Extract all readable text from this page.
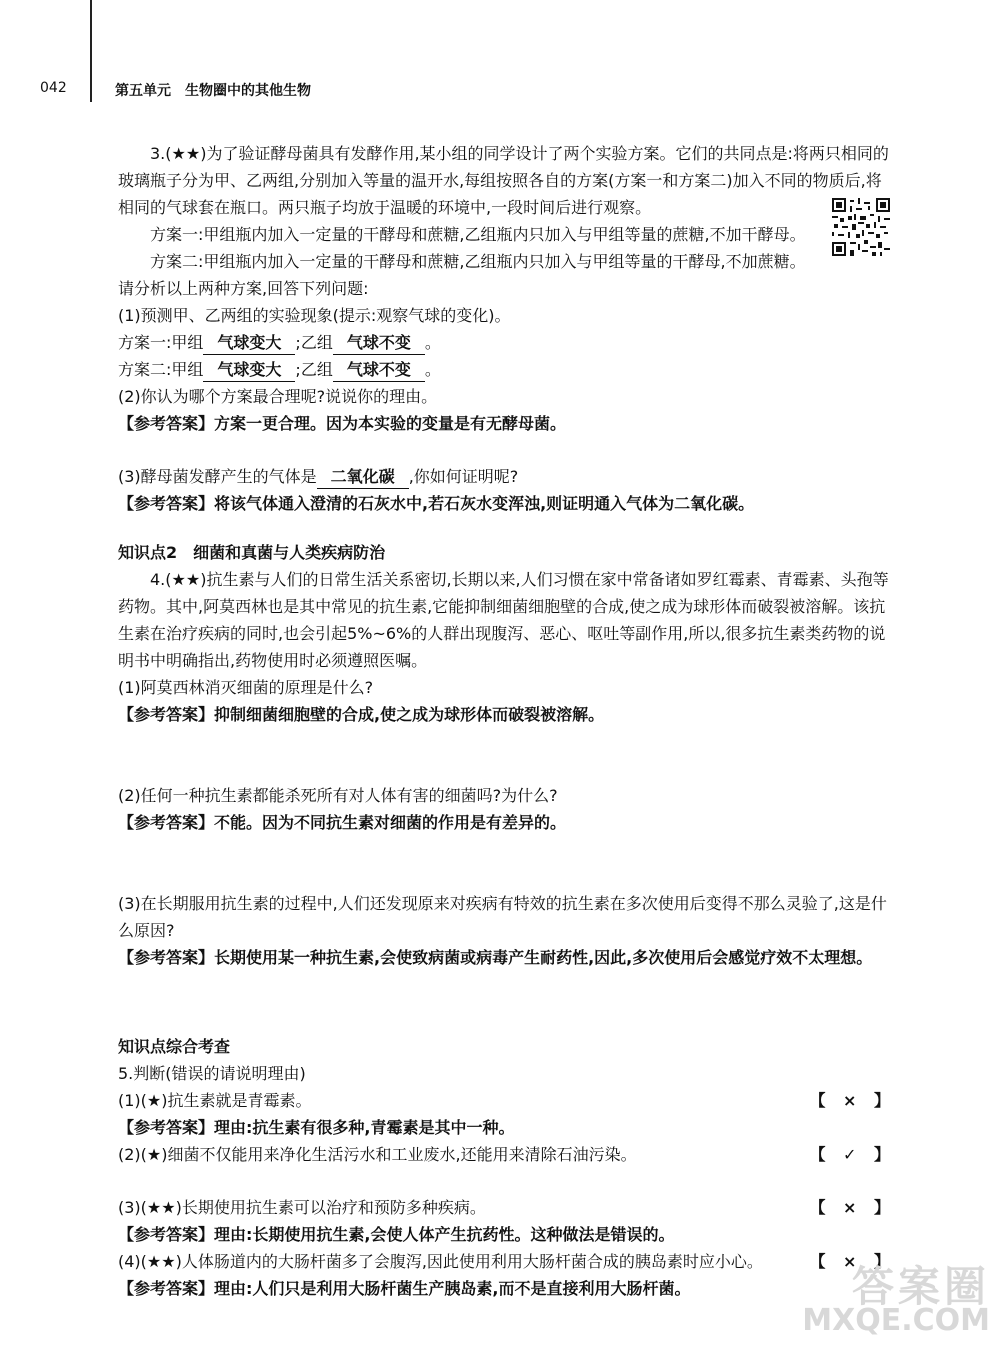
042	第五单元　生物圈中的其他生物

3.(★★)为了验证酵母菌具有发酵作用,某小组的同学设计了两个实验方案。它们的共同点是:将两只相同的玻璃瓶子分为甲、乙两组,分别加入等量的温开水,每组按照各自的方案(方案一和方案二)加入不同的物质后,将相同的气球套在瓶口。两只瓶子均放于温暖的环境中,一段时间后进行观察。

方案一:甲组瓶内加入一定量的干酵母和蔗糖,乙组瓶内只加入与甲组等量的蔗糖,不加干酵母。

方案二:甲组瓶内加入一定量的干酵母和蔗糖,乙组瓶内只加入与甲组等量的干酵母,不加蔗糖。

请分析以上两种方案,回答下列问题:

(1)预测甲、乙两组的实验现象(提示:观察气球的变化)。

方案一:甲组 气球变大 ;乙组 气球不变 。

方案二:甲组 气球变大 ;乙组 气球不变 。

(2)你认为哪个方案最合理呢?说说你的理由。

【参考答案】方案一更合理。因为本实验的变量是有无酵母菌。

(3)酵母菌发酵产生的气体是 二氧化碳 ,你如何证明呢?

【参考答案】将该气体通入澄清的石灰水中,若石灰水变浑浊,则证明通入气体为二氧化碳。

知识点2　细菌和真菌与人类疾病防治

4.(★★)抗生素与人们的日常生活关系密切,长期以来,人们习惯在家中常备诸如罗红霉素、青霉素、头孢等药物。其中,阿莫西林也是其中常见的抗生素,它能抑制细菌细胞壁的合成,使之成为球形体而破裂被溶解。该抗生素在治疗疾病的同时,也会引起5%~6%的人群出现腹泻、恶心、呕吐等副作用,所以,很多抗生素类药物的说明书中明确指出,药物使用时必须遵照医嘱。

(1)阿莫西林消灭细菌的原理是什么?

【参考答案】抑制细菌细胞壁的合成,使之成为球形体而破裂被溶解。

(2)任何一种抗生素都能杀死所有对人体有害的细菌吗?为什么?

【参考答案】不能。因为不同抗生素对细菌的作用是有差异的。

(3)在长期服用抗生素的过程中,人们还发现原来对疾病有特效的抗生素在多次使用后变得不那么灵验了,这是什么原因?

【参考答案】长期使用某一种抗生素,会使致病菌或病毒产生耐药性,因此,多次使用后会感觉疗效不太理想。

知识点综合考查

5.判断(错误的请说明理由)

【 × 】
(1)(★)抗生素就是青霉素。

【参考答案】理由:抗生素有很多种,青霉素是其中一种。

【 ✓ 】
(2)(★)细菌不仅能用来净化生活污水和工业废水,还能用来清除石油污染。

【 × 】
(3)(★★)长期使用抗生素可以治疗和预防多种疾病。

【参考答案】理由:长期使用抗生素,会使人体产生抗药性。这种做法是错误的。

【 × 】
(4)(★★)人体肠道内的大肠杆菌多了会腹泻,因此使用利用大肠杆菌合成的胰岛素时应小心。

【参考答案】理由:人们只是利用大肠杆菌生产胰岛素,而不是直接利用大肠杆菌。	答案圈
MXQE.COM
